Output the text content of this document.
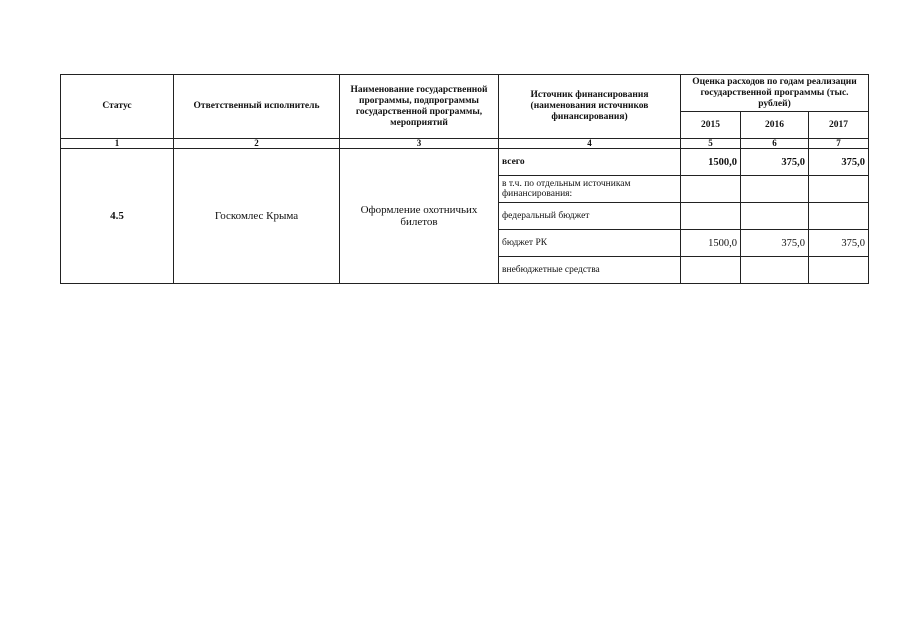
Статус	Ответственный исполнитель	Наименование государственной программы, подпрограммы государственной программы, мероприятий	Источник финансирования (наименования источников финансирования)	Оценка расходов по годам реализации государственной программы (тыс. рублей)		
				2015	2016	2017
1	2	3	4	5	6	7
4.5	Госкомлес Крыма	Оформление охотничьих билетов	всего	1500,0	375,0	375,0
			в т.ч. по отдельным источникам финансирования:			
			федеральный бюджет			
			бюджет РК	1500,0	375,0	375,0
			внебюджетные средства			
